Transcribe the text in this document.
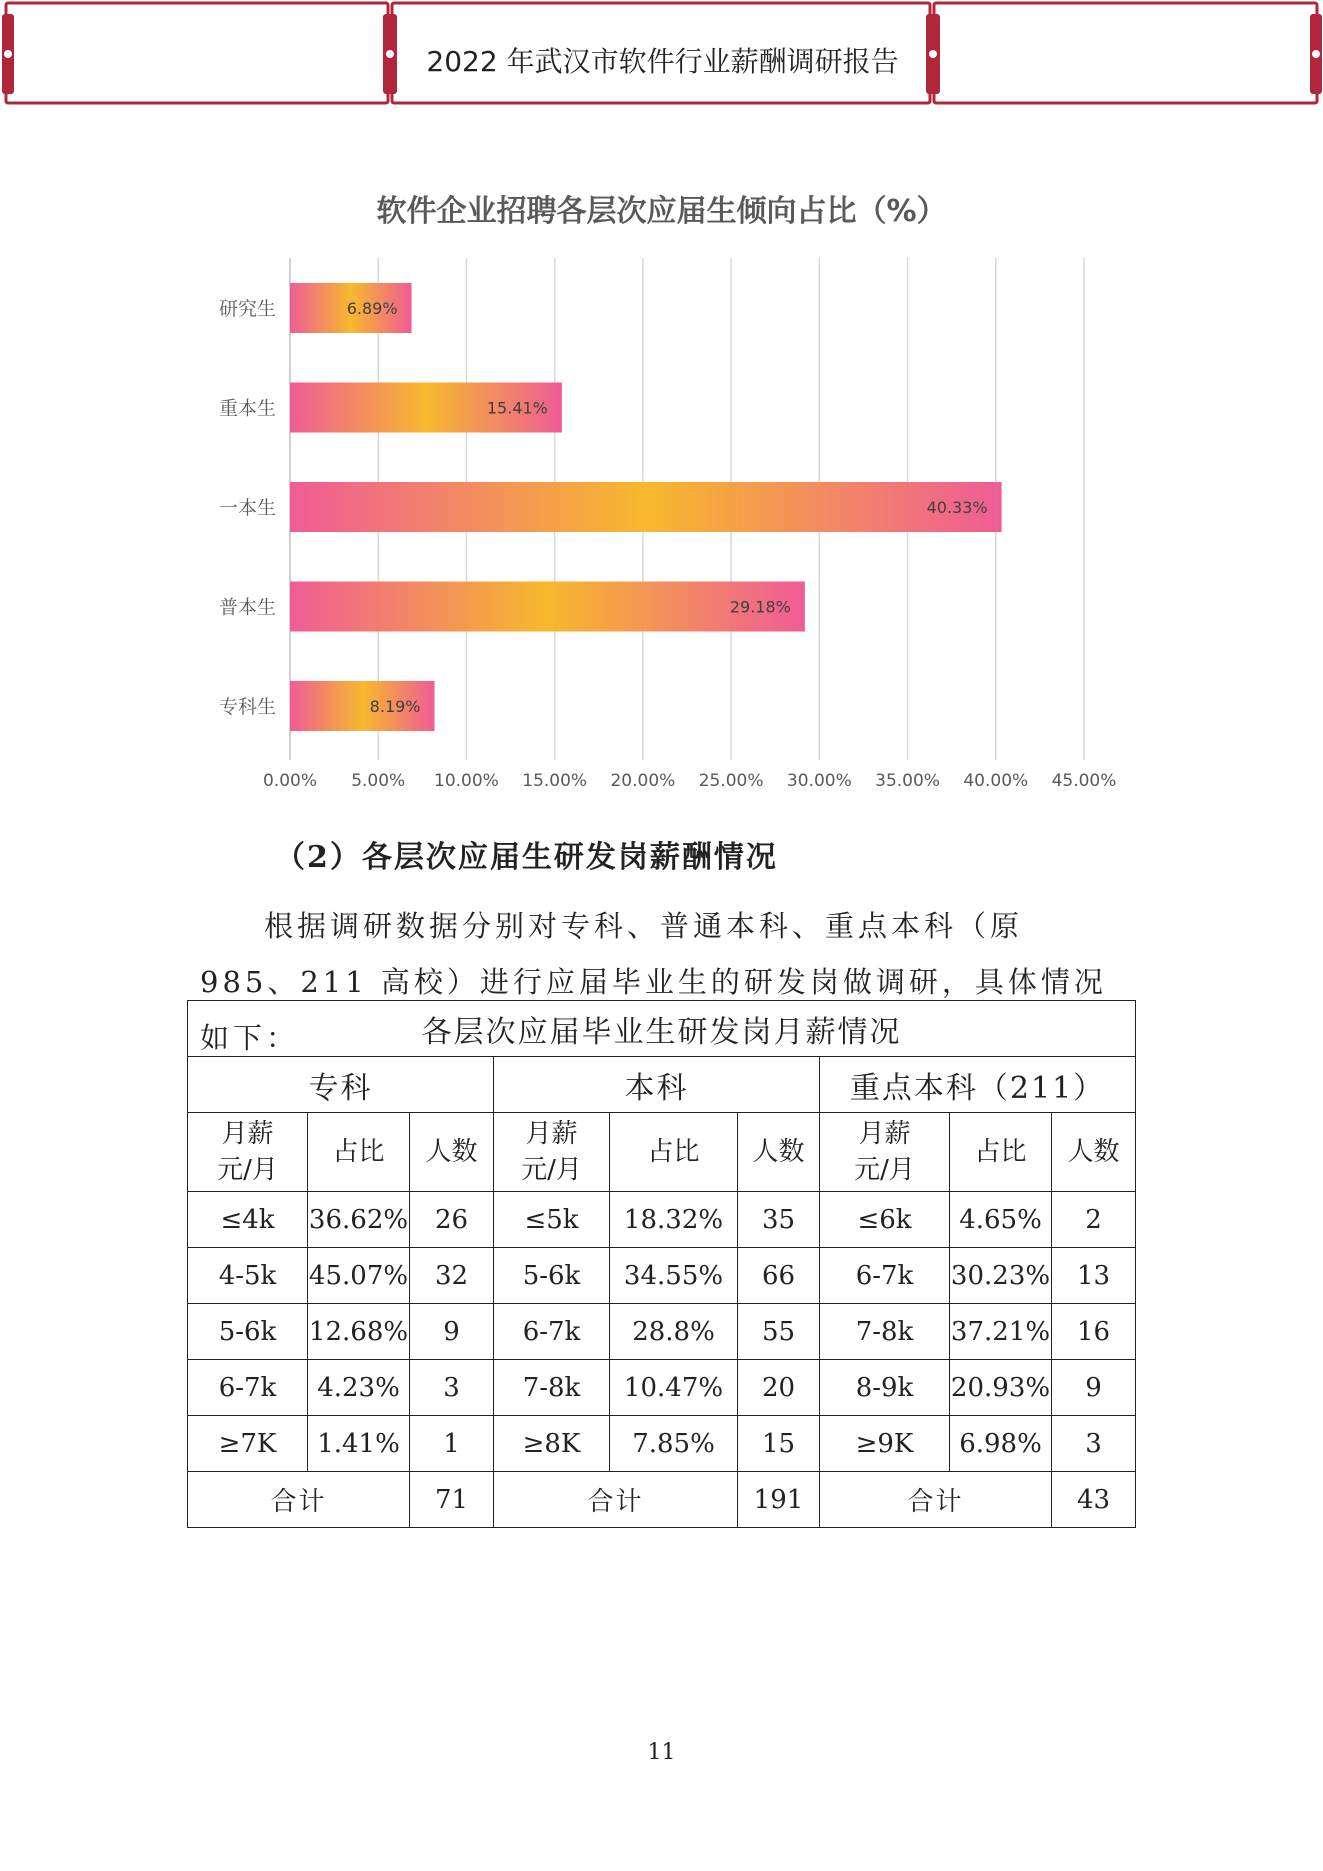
2022 年武汉市软件行业薪酬调研报告
软件企业招聘各层次应届生倾向占比（%）
研究生	6.89%
重本生	15.41%
一本生	40.33%
普本生	29.18%
专科生	8.19%
0.00% 5.00% 10.00% 15.00% 20.00% 25.00% 30.00% 35.00% 40.00% 45.00%
（2）各层次应届生研发岗薪酬情况
根据调研数据分别对专科、普通本科、重点本科（原 985、211 高校）进行应届毕业生的研发岗做调研，具体情况如下：	各层次应届毕业生研发岗月薪情况								
专科			本科			重点本科（211）		
月薪
元/月	占比	人数	月薪
元/月	占比	人数	月薪
元/月	占比	人数
≤4k	36.62%	26	≤5k	18.32%	35	≤6k	4.65%	2
4-5k	45.07%	32	5-6k	34.55%	66	6-7k	30.23%	13
5-6k	12.68%	9	6-7k	28.8%	55	7-8k	37.21%	16
6-7k	4.23%	3	7-8k	10.47%	20	8-9k	20.93%	9
≥7K	1.41%	1	≥8K	7.85%	15	≥9K	6.98%	3
合计		71	合计		191	合计		43
11
